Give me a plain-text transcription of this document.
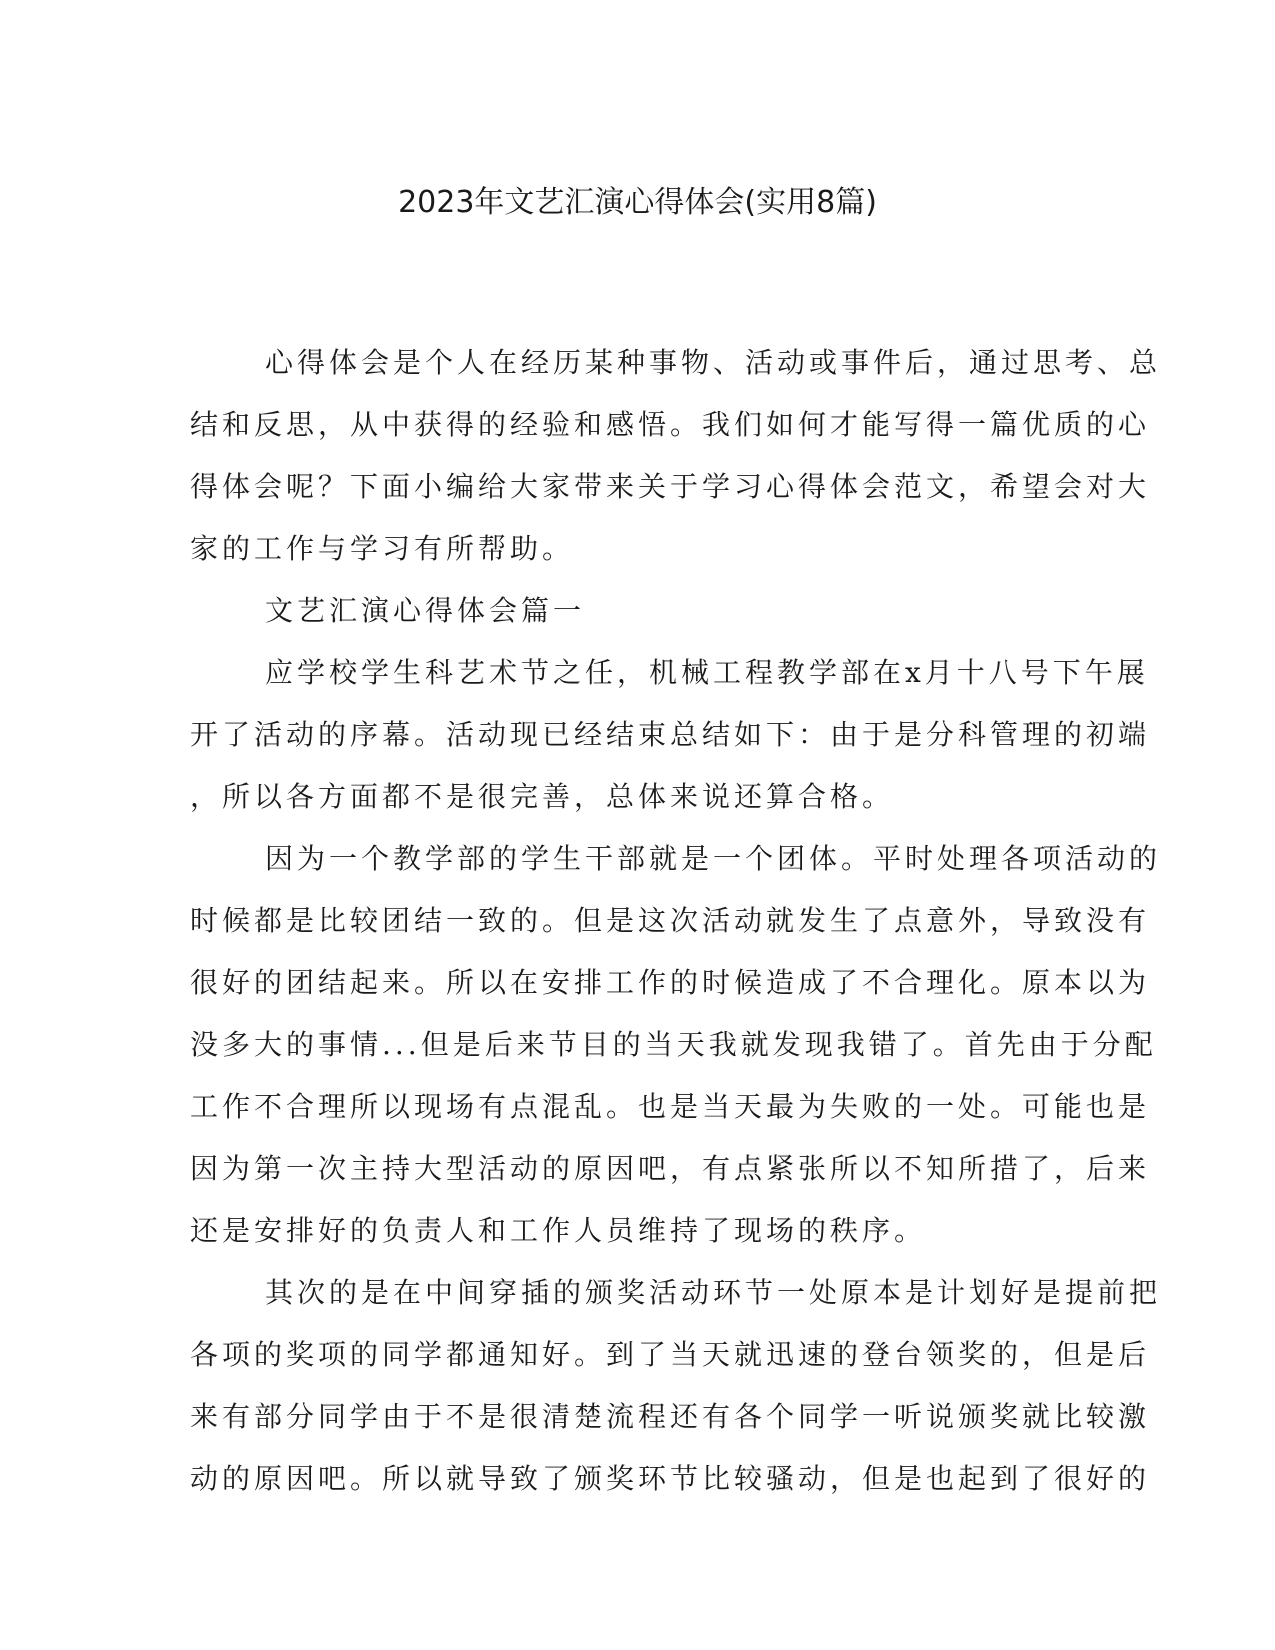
2023年文艺汇演心得体会(实用8篇)
心得体会是个人在经历某种事物、活动或事件后，通过思考、总
结和反思，从中获得的经验和感悟。我们如何才能写得一篇优质的心
得体会呢？下面小编给大家带来关于学习心得体会范文，希望会对大
家的工作与学习有所帮助。
文艺汇演心得体会篇一
应学校学生科艺术节之任，机械工程教学部在x月十八号下午展
开了活动的序幕。活动现已经结束总结如下：由于是分科管理的初端
，所以各方面都不是很完善，总体来说还算合格。
因为一个教学部的学生干部就是一个团体。平时处理各项活动的
时候都是比较团结一致的。但是这次活动就发生了点意外，导致没有
很好的团结起来。所以在安排工作的时候造成了不合理化。原本以为
没多大的事情...但是后来节目的当天我就发现我错了。首先由于分配
工作不合理所以现场有点混乱。也是当天最为失败的一处。可能也是
因为第一次主持大型活动的原因吧，有点紧张所以不知所措了，后来
还是安排好的负责人和工作人员维持了现场的秩序。
其次的是在中间穿插的颁奖活动环节一处原本是计划好是提前把
各项的奖项的同学都通知好。到了当天就迅速的登台领奖的，但是后
来有部分同学由于不是很清楚流程还有各个同学一听说颁奖就比较激
动的原因吧。所以就导致了颁奖环节比较骚动，但是也起到了很好的
